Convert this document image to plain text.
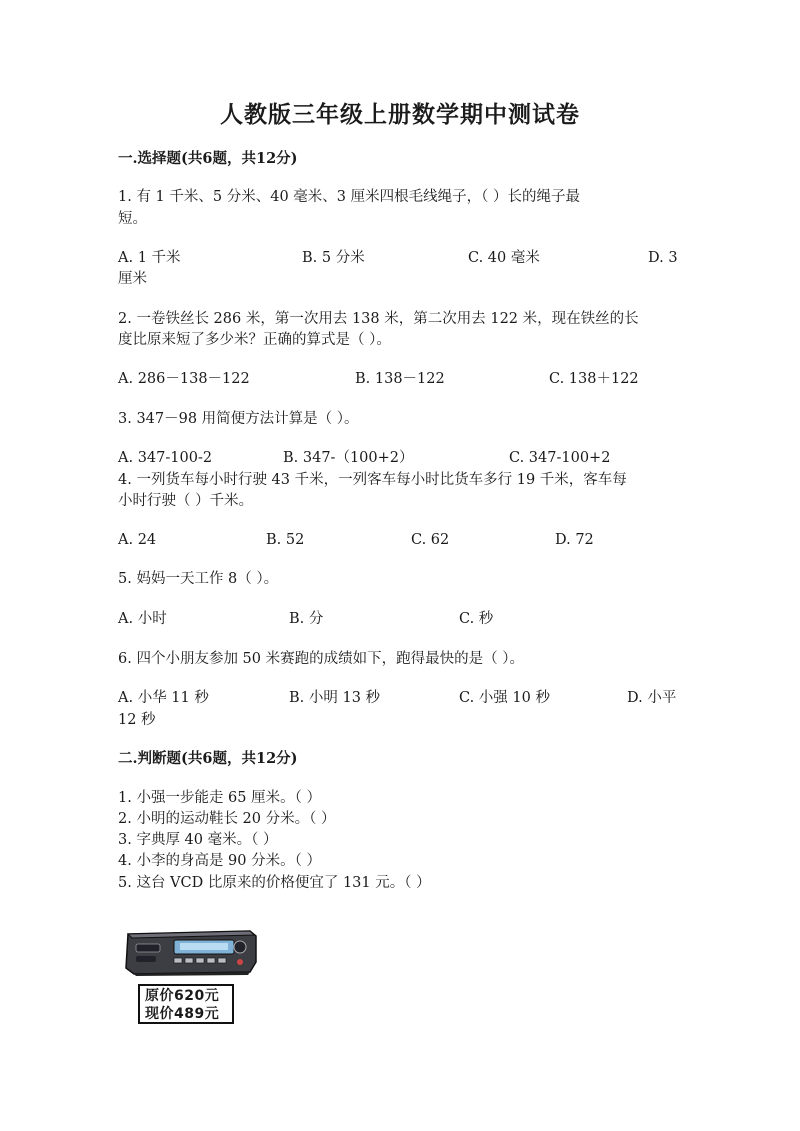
人教版三年级上册数学期中测试卷
一.选择题(共6题，共12分)
1. 有 1 千米、5 分米、40 毫米、3 厘米四根毛线绳子，（ ）长的绳子最
短。
A. 1 千米	B. 5 分米	C. 40 毫米	D. 3
厘米
2. 一卷铁丝长 286 米，第一次用去 138 米，第二次用去 122 米，现在铁丝的长
度比原来短了多少米？正确的算式是（ ）。
A. 286－138－122	B. 138－122	C. 138＋122
3. 347－98 用简便方法计算是（ ）。
A. 347-100-2	B. 347-（100+2）	C. 347-100+2
4. 一列货车每小时行驶 43 千米，一列客车每小时比货车多行 19 千米，客车每
小时行驶（ ）千米。
A. 24	B. 52	C. 62	D. 72
5. 妈妈一天工作 8（ ）。
A. 小时	B. 分	C. 秒
6. 四个小朋友参加 50 米赛跑的成绩如下，跑得最快的是（ ）。
A. 小华 11 秒	B. 小明 13 秒	C. 小强 10 秒	D. 小平
12 秒
二.判断题(共6题，共12分)
1. 小强一步能走 65 厘米。（ ）
2. 小明的运动鞋长 20 分米。（ ）
3. 字典厚 40 毫米。（ ）
4. 小李的身高是 90 分米。（ ）
5. 这台 VCD 比原来的价格便宜了 131 元。（ ）
原价620元
现价489元
